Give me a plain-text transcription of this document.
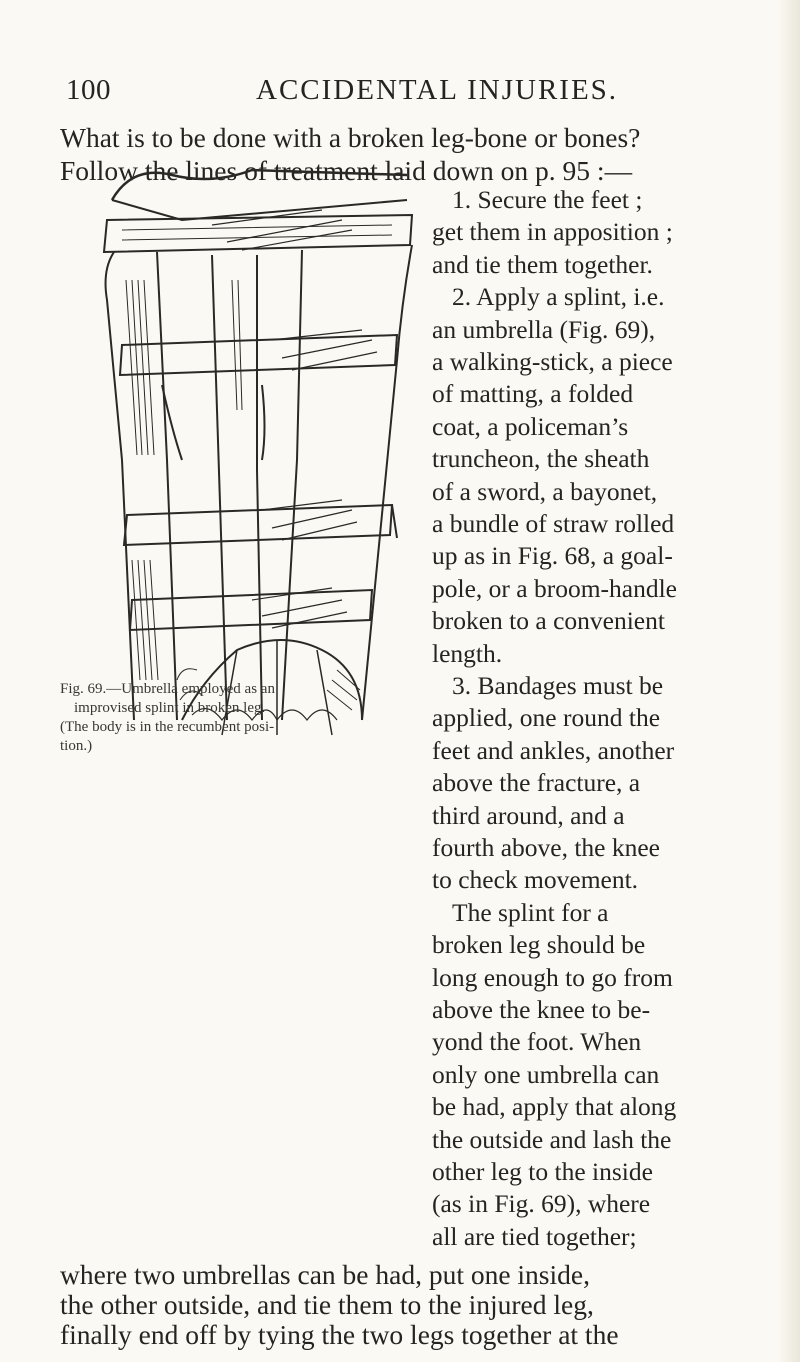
100	ACCIDENTAL INJURIES.
What is to be done with a broken leg-bone or bones?
Follow the lines of treatment laid down on p. 95 :—
Fig. 69.—Umbrella employed as an
improvised splint in broken leg.
(The body is in the recumbent posi-
tion.)
1. Secure the feet ;
get them in apposition ;
and tie them together.
2. Apply a splint, i.e.
an umbrella (Fig. 69),
a walking-stick, a piece
of matting, a folded
coat, a policeman’s
truncheon, the sheath
of a sword, a bayonet,
a bundle of straw rolled
up as in Fig. 68, a goal-
pole, or a broom-handle
broken to a convenient
length.
3. Bandages must be
applied, one round the
feet and ankles, another
above the fracture, a
third around, and a
fourth above, the knee
to check movement.
The splint for a
broken leg should be
long enough to go from
above the knee to be-
yond the foot. When
only one umbrella can
be had, apply that along
the outside and lash the
other leg to the inside
(as in Fig. 69), where
all are tied together;
where two umbrellas can be had, put one inside,
the other outside, and tie them to the injured leg,
finally end off by tying the two legs together at the
